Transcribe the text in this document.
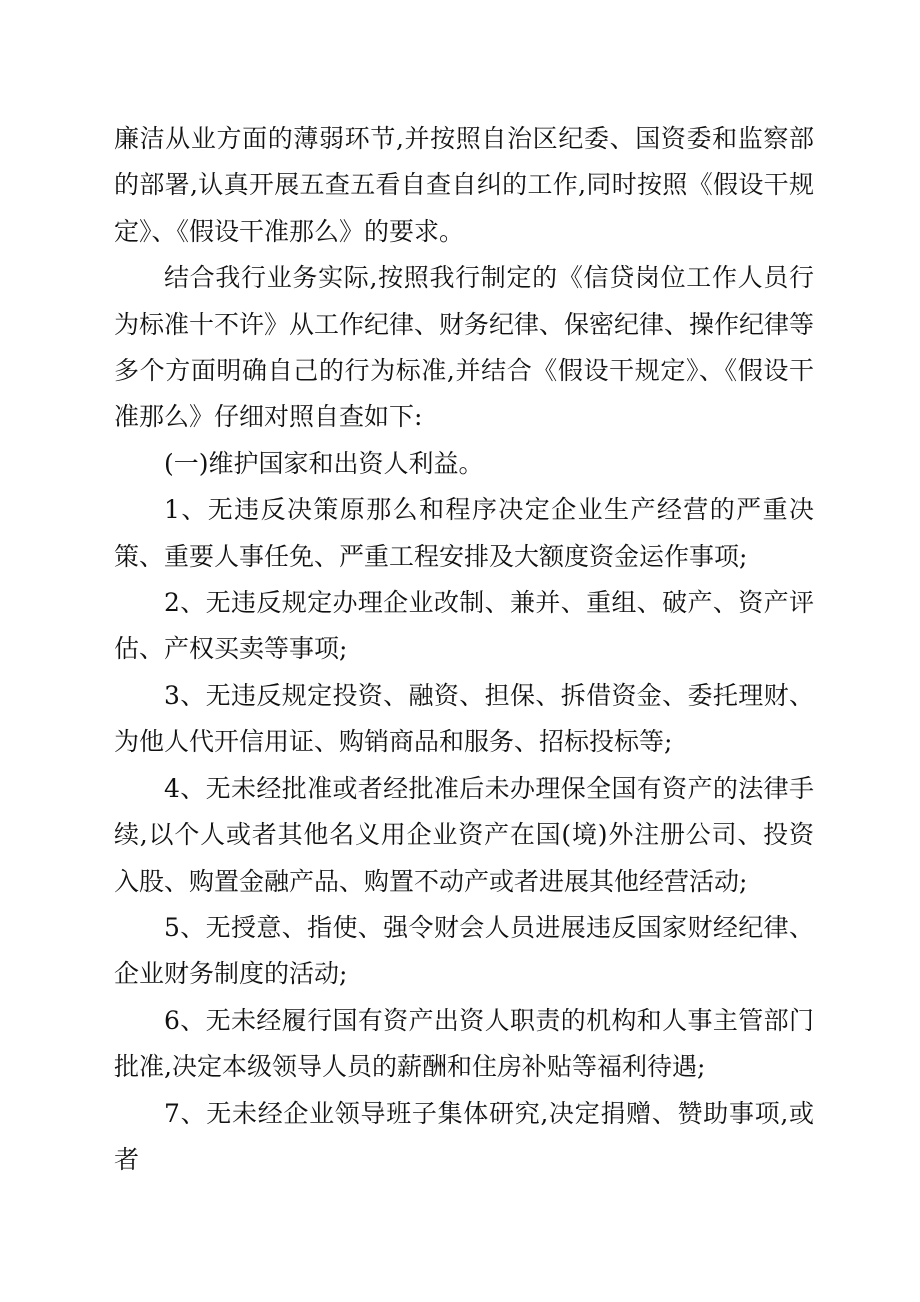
廉洁从业方面的薄弱环节,并按照自治区纪委、国资委和监察部的部署,认真开展五查五看自查自纠的工作,同时按照《假设干规定》、《假设干准那么》的要求。

结合我行业务实际,按照我行制定的《信贷岗位工作人员行为标准十不许》从工作纪律、财务纪律、保密纪律、操作纪律等多个方面明确自己的行为标准,并结合《假设干规定》、《假设干准那么》仔细对照自查如下:

(一)维护国家和出资人利益。

1、无违反决策原那么和程序决定企业生产经营的严重决策、重要人事任免、严重工程安排及大额度资金运作事项;

2、无违反规定办理企业改制、兼并、重组、破产、资产评估、产权买卖等事项;

3、无违反规定投资、融资、担保、拆借资金、委托理财、为他人代开信用证、购销商品和服务、招标投标等;

4、无未经批准或者经批准后未办理保全国有资产的法律手续,以个人或者其他名义用企业资产在国(境)外注册公司、投资入股、购置金融产品、购置不动产或者进展其他经营活动;

5、无授意、指使、强令财会人员进展违反国家财经纪律、企业财务制度的活动;

6、无未经履行国有资产出资人职责的机构和人事主管部门批准,决定本级领导人员的薪酬和住房补贴等福利待遇;

7、无未经企业领导班子集体研究,决定捐赠、赞助事项,或者
